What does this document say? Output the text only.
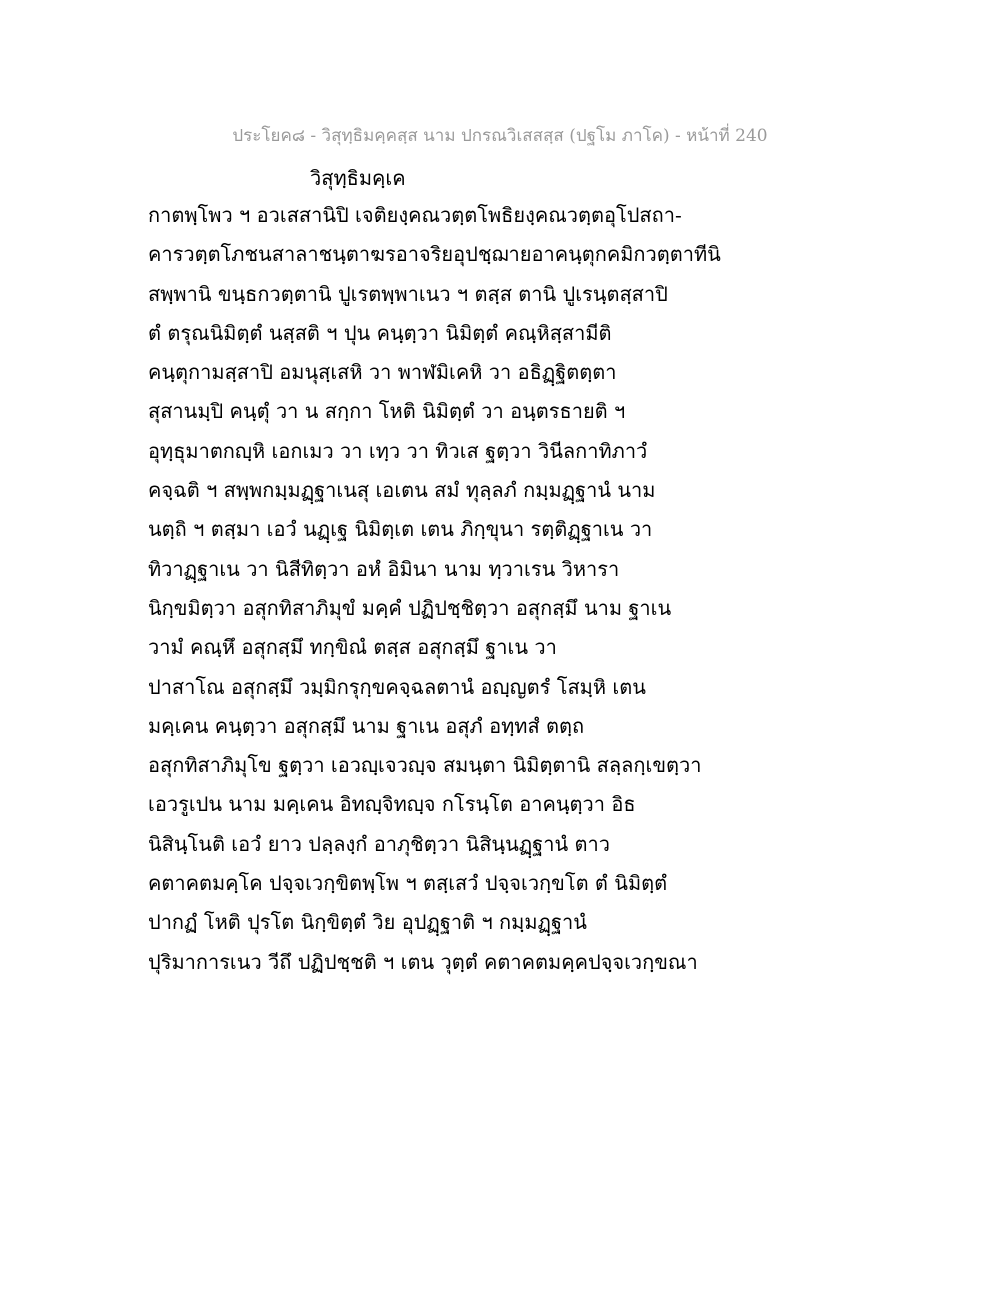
ประโยค๘ - วิสุทฺธิมคฺคสฺส นาม ปกรณวิเสสสฺส (ปฐโม ภาโค) - หน้าที่ 240
วิสุทฺธิมคฺเค
กาตพฺโพว ฯ อวเสสานิปิ เจติยงฺคณวตฺตโพธิยงฺคณวตฺตอุโปสถา-
คารวตฺตโภชนสาลาชนฺตาฆรอาจริยอุปชฺฌายอาคนฺตุกคมิกวตฺตาทีนิ
สพฺพานิ ขนฺธกวตฺตานิ ปูเรตพฺพาเนว ฯ ตสฺส ตานิ ปูเรนฺตสฺสาปิ
ตํ ตรุณนิมิตฺตํ นสฺสติ ฯ ปุน คนฺตฺวา นิมิตฺตํ คณฺหิสฺสามีติ
คนฺตุกามสฺสาปิ อมนุสฺเสหิ วา พาฬมิเคหิ วา อธิฏฺฐิตตฺตา
สุสานมฺปิ คนฺตุํ วา น สกฺกา โหติ นิมิตฺตํ วา อนฺตรธายติ ฯ
อุทฺธุมาตกญฺหิ เอกเมว วา เทฺว วา ทิวเส ฐตฺวา วินีลกาทิภาวํ
คจฺฉติ ฯ สพฺพกมฺมฏฺฐาเนสุ เอเตน สมํ ทุลฺลภํ กมฺมฏฺฐานํ นาม
นตฺถิ ฯ ตสฺมา เอวํ นฏฺเฐ นิมิตฺเต เตน ภิกฺขุนา รตฺติฏฺฐาเน วา
ทิวาฏฺฐาเน วา นิสีทิตฺวา อหํ อิมินา นาม ทฺวาเรน วิหารา
นิกฺขมิตฺวา อสุกทิสาภิมุขํ มคฺคํ ปฏิปชฺชิตฺวา อสุกสฺมึ นาม ฐาเน
วามํ คณฺหึ อสุกสฺมึ ทกฺขิณํ ตสฺส อสุกสฺมึ ฐาเน วา
ปาสาโณ อสุกสฺมึ วมฺมิกรุกฺขคจฺฉลตานํ อญฺญตรํ โสมฺหิ เตน
มคฺเคน คนฺตฺวา อสุกสฺมึ นาม ฐาเน อสุภํ อทฺทสํ ตตฺถ
อสุกทิสาภิมุโข ฐตฺวา เอวญฺเจวญฺจ สมนฺตา นิมิตฺตานิ สลฺลกฺเขตฺวา
เอวรูเปน นาม มคฺเคน อิทญฺจิทญฺจ กโรนฺโต อาคนฺตฺวา อิธ
นิสินฺโนติ เอวํ ยาว ปลฺลงฺกํ อาภุชิตฺวา นิสินฺนฏฺฐานํ ตาว
คตาคตมคฺโค ปจฺจเวกฺขิตพฺโพ ฯ ตสฺเสวํ ปจฺจเวกฺขโต ตํ นิมิตฺตํ
ปากฏํ โหติ ปุรโต นิกฺขิตฺตํ วิย อุปฏฺฐาติ ฯ กมฺมฏฺฐานํ
ปุริมาการเนว วีถึ ปฏิปชฺชติ ฯ เตน วุตฺตํ คตาคตมคฺคปจฺจเวกฺขณา
